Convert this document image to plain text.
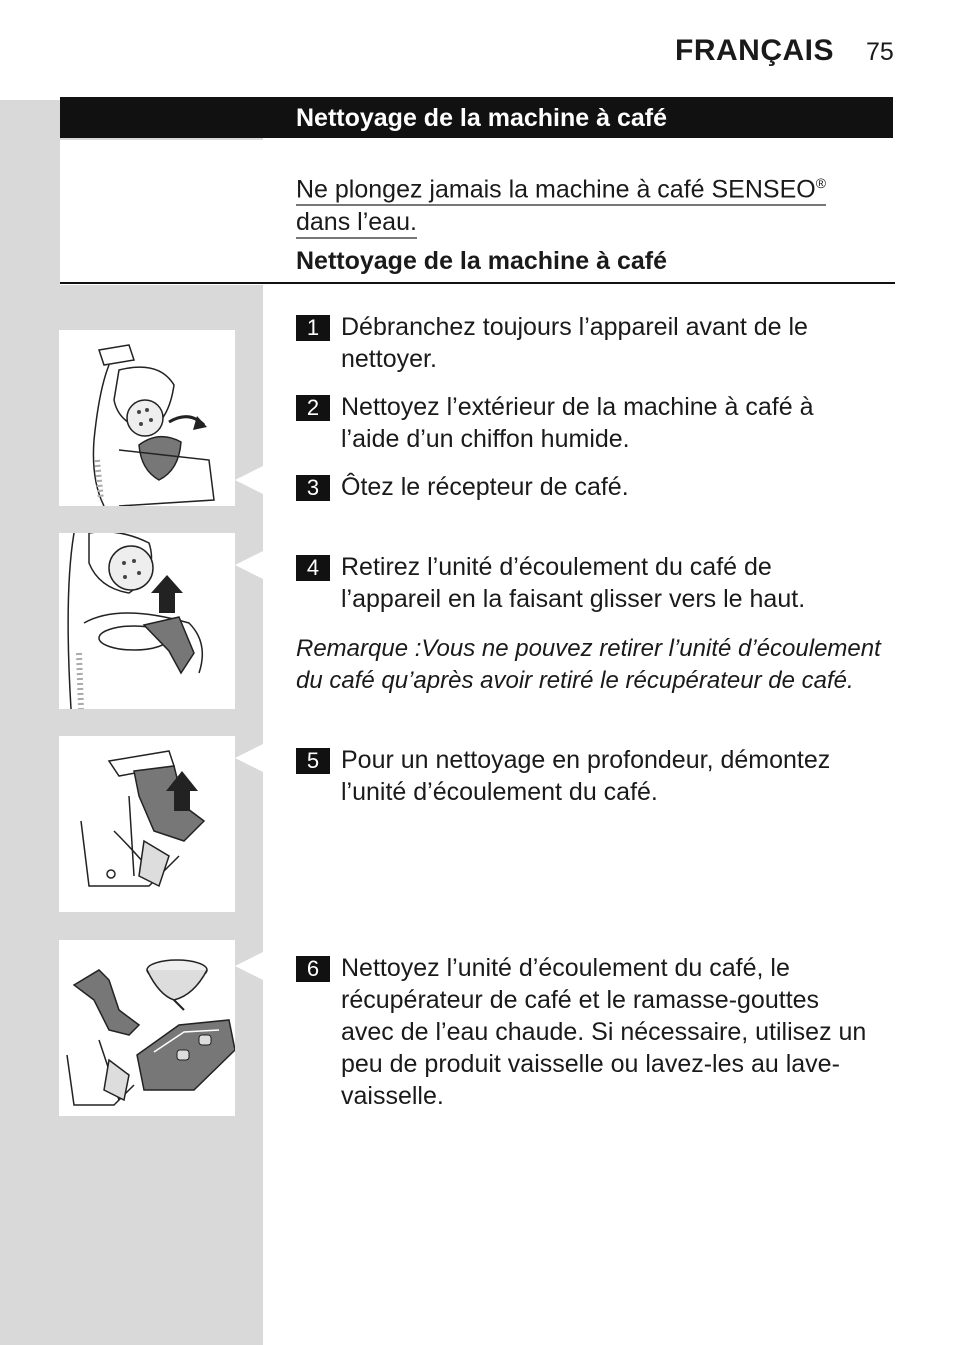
FRANÇAIS 75
Nettoyage de la machine à café
Ne plongez jamais la machine à café SENSEO®
dans l’eau.
Nettoyage de la machine à café
1 Débranchez toujours l’appareil avant de le nettoyer.
2 Nettoyez l’extérieur de la machine à café à l’aide d’un chiffon humide.
3 Ôtez le récepteur de café.
4 Retirez l’unité d’écoulement du café de l’appareil en la faisant glisser vers le haut.
Remarque :Vous ne pouvez retirer l’unité d’écoulement du café qu’après avoir retiré le récupérateur de café.
5 Pour un nettoyage en profondeur, démontez l’unité d’écoulement du café.
6 Nettoyez l’unité d’écoulement du café, le récupérateur de café et le ramasse-gouttes avec de l’eau chaude. Si nécessaire, utilisez un peu de produit vaisselle ou lavez-les au lave-vaisselle.
